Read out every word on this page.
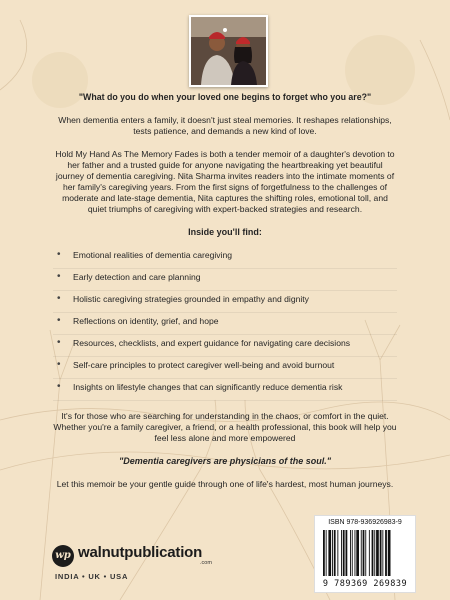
"What do you do when your loved one begins to forget who you are?"

When dementia enters a family, it doesn't just steal memories. It reshapes relationships, tests patience, and demands a new kind of love.

Hold My Hand As The Memory Fades is both a tender memoir of a daughter's devotion to her father and a trusted guide for anyone navigating the heartbreaking yet beautiful journey of dementia caregiving. Nita Sharma invites readers into the intimate moments of her family's caregiving years. From the first signs of forgetfulness to the challenges of moderate and late-stage dementia, Nita captures the shifting roles, emotional toll, and quiet triumphs of caregiving with expert-backed strategies and research.

Inside you'll find:
• Emotional realities of dementia caregiving
• Early detection and care planning
• Holistic caregiving strategies grounded in empathy and dignity
• Reflections on identity, grief, and hope
• Resources, checklists, and expert guidance for navigating care decisions
• Self-care principles to protect caregiver well-being and avoid burnout
• Insights on lifestyle changes that can significantly reduce dementia risk

It's for those who are searching for understanding in the chaos, or comfort in the quiet. Whether you're a family caregiver, a friend, or a health professional, this book will help you feel less alone and more empowered

"Dementia caregivers are physicians of the soul."

Let this memoir be your gentle guide through one of life's hardest, most human journeys.

wp walnutpublication
.com
INDIA • UK • USA
ISBN 978-936926983-9
9 789369 269839
